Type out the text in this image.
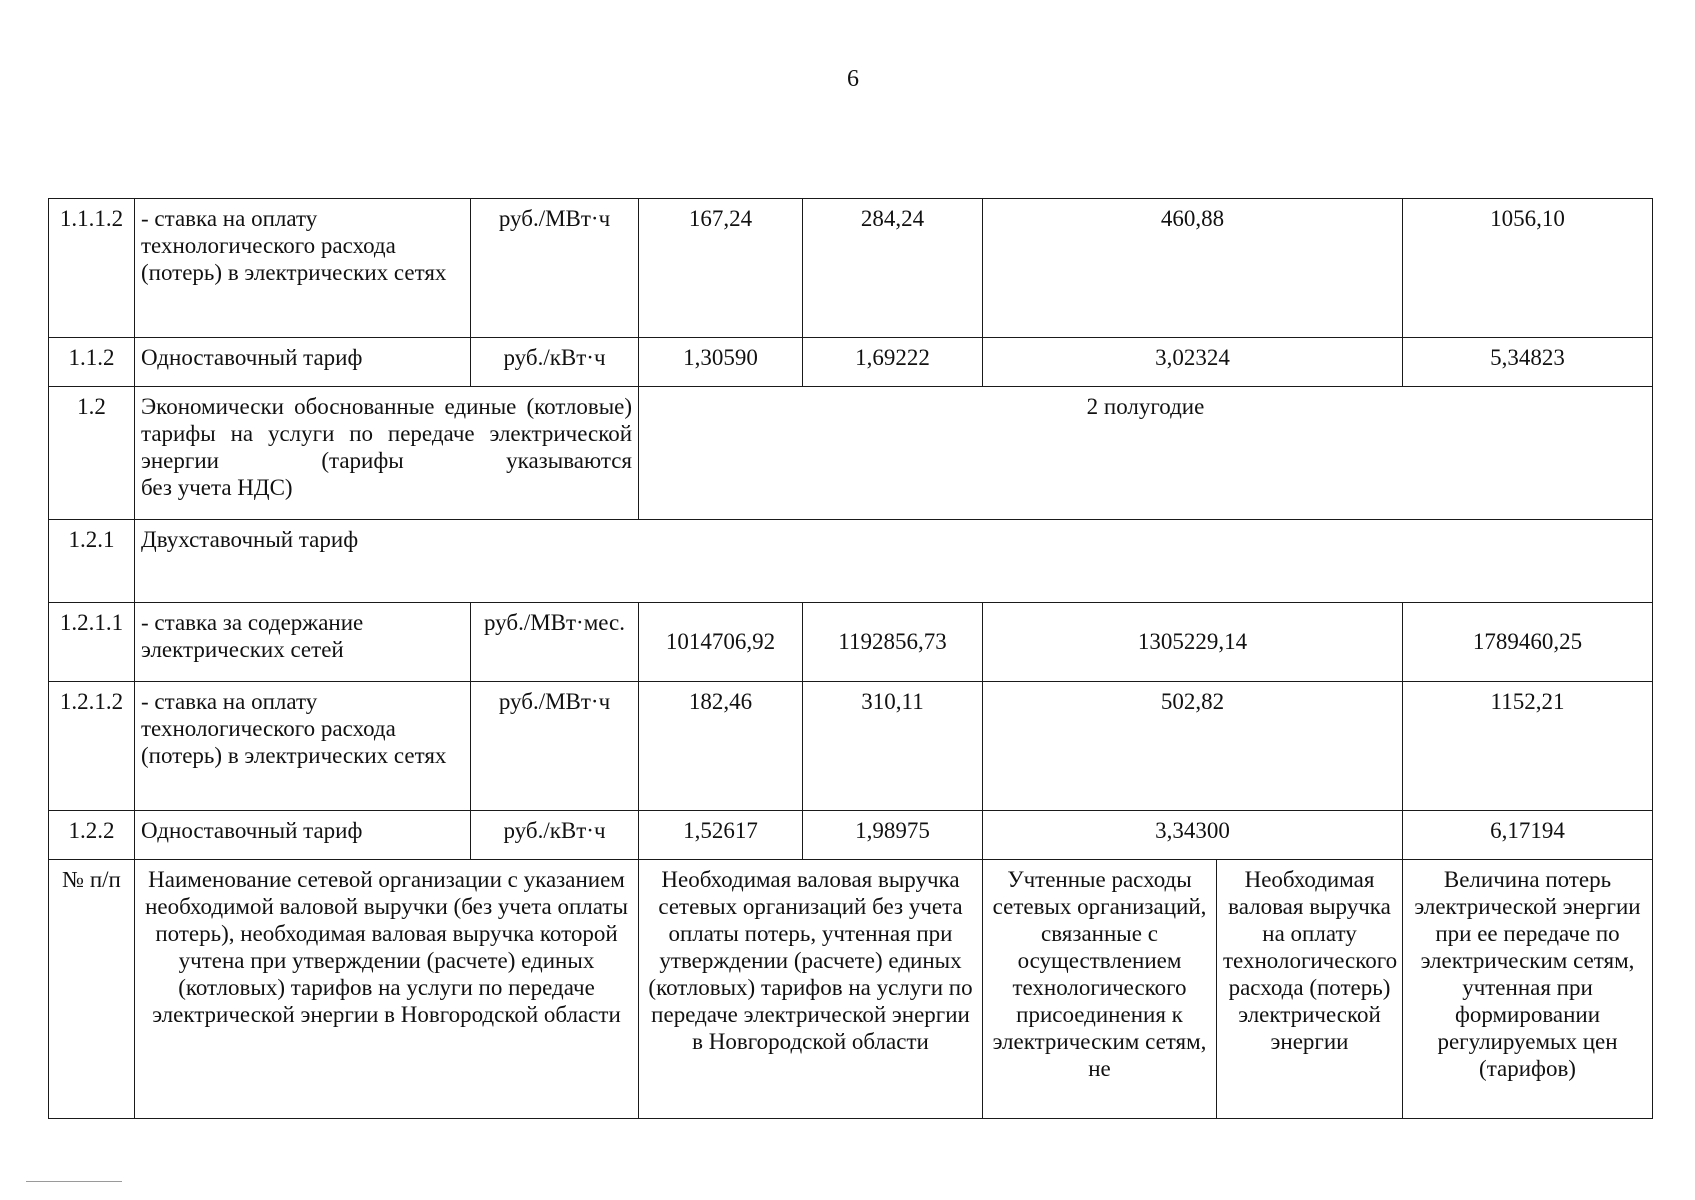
6
1.1.1.2	- ставка на оплату технологического расхода (потерь) в электрических сетях	руб./МВт·ч	167,24	284,24	460,88		1056,10
1.1.2	Одноставочный тариф	руб./кВт·ч	1,30590	1,69222	3,02324		5,34823
1.2	Экономически обоснованные единые (котловые) тарифы на услуги по передаче электрической энергии (тарифы указываются
без учета НДС)		2 полугодие				
1.2.1	Двухставочный тариф						
1.2.1.1	- ставка за содержание электрических сетей	руб./МВт·мес.	1014706,92	1192856,73	1305229,14		1789460,25
1.2.1.2	- ставка на оплату технологического расхода (потерь) в электрических сетях	руб./МВт·ч	182,46	310,11	502,82		1152,21
1.2.2	Одноставочный тариф	руб./кВт·ч	1,52617	1,98975	3,34300		6,17194
№ п/п	Наименование сетевой организации с указанием необходимой валовой выручки (без учета оплаты потерь), необходимая валовая выручка которой учтена при утверждении (расчете) единых (котловых) тарифов на услуги по передаче электрической энергии в Новгородской области		Необходимая валовая выручка сетевых организаций без учета оплаты потерь, учтенная при утверждении (расчете) единых (котловых) тарифов на услуги по передаче электрической энергии в Новгородской области		Учтенные расходы сетевых организаций, связанные с осуществлением технологического присоединения к электрическим сетям, не	Необходимая валовая выручка на оплату технологического расхода (потерь) электрической энергии	Величина потерь электрической энергии при ее передаче по электрическим сетям, учтенная при формировании регулируемых цен (тарифов)
